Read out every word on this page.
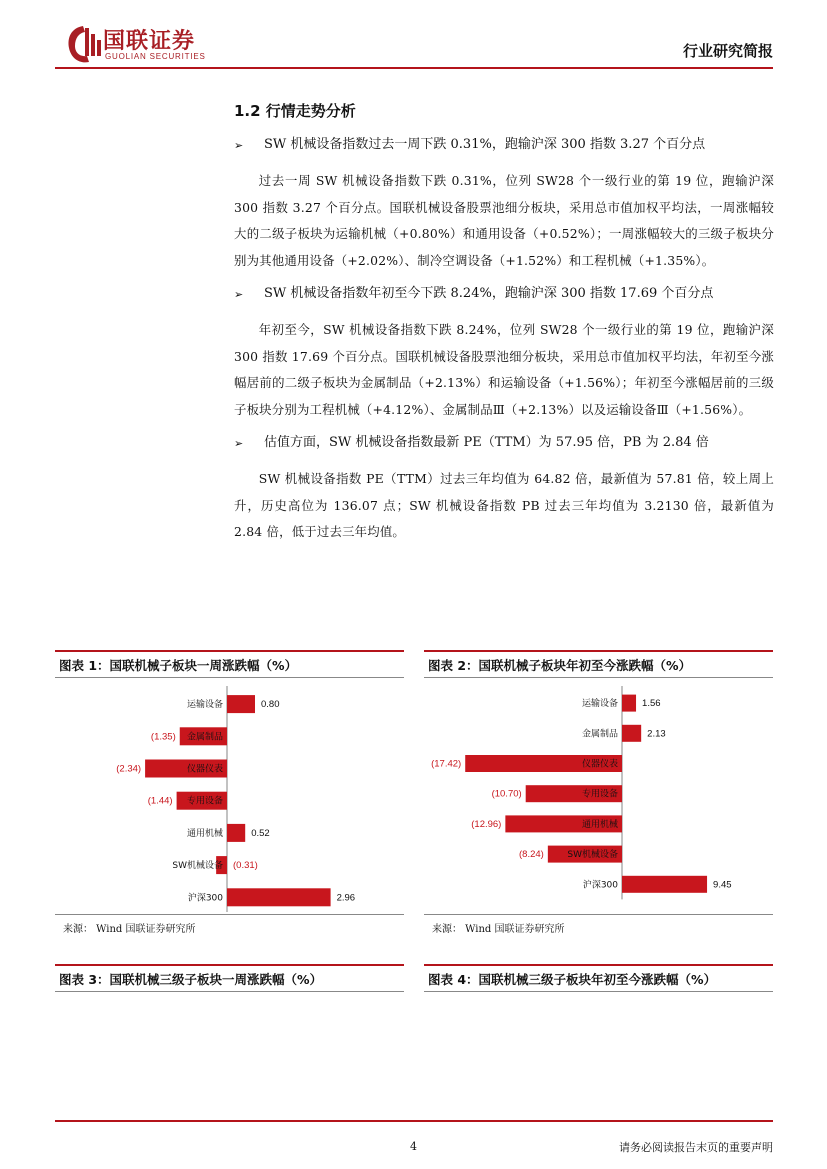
国联证券
GUOLIAN SECURITIES	行业研究简报
1.2 行情走势分析
➢	SW 机械设备指数过去一周下跌 0.31%，跑输沪深 300 指数 3.27 个百分点

过去一周 SW 机械设备指数下跌 0.31%，位列 SW28 个一级行业的第 19 位，跑输沪深 300 指数 3.27 个百分点。国联机械设备股票池细分板块，采用总市值加权平均法，一周涨幅较大的二级子板块为运输机械（+0.80%）和通用设备（+0.52%）；一周涨幅较大的三级子板块分别为其他通用设备（+2.02%）、制冷空调设备（+1.52%）和工程机械（+1.35%）。

➢	SW 机械设备指数年初至今下跌 8.24%，跑输沪深 300 指数 17.69 个百分点

年初至今，SW 机械设备指数下跌 8.24%，位列 SW28 个一级行业的第 19 位，跑输沪深 300 指数 17.69 个百分点。国联机械设备股票池细分板块，采用总市值加权平均法，年初至今涨幅居前的二级子板块为金属制品（+2.13%）和运输设备（+1.56%）；年初至今涨幅居前的三级子板块分别为工程机械（+4.12%）、金属制品Ⅲ（+2.13%）以及运输设备Ⅲ（+1.56%）。

➢	估值方面，SW 机械设备指数最新 PE（TTM）为 57.95 倍，PB 为 2.84 倍

SW 机械设备指数 PE（TTM）过去三年均值为 64.82 倍，最新值为 57.81 倍，较上周上升，历史高位为 136.07 点；SW 机械设备指数 PB 过去三年均值为 3.2130 倍，最新值为 2.84 倍，低于过去三年均值。

图表 1：国联机械子板块一周涨跌幅（%）
运输设备	0.80
金属制品
(1.35)
仪器仪表
(2.34)
专用设备
(1.44)
通用机械	0.52
SW机械设备 (0.31)
沪深300	2.96
来源： Wind 国联证券研究所
图表 2：国联机械子板块年初至今涨跌幅（%）
运输设备	1.56
金属制品	2.13
仪器仪表
(17.42)
专用设备
(10.70)
通用机械
(12.96)
SW机械设备
(8.24)
沪深300	9.45
来源： Wind 国联证券研究所
图表 3：国联机械三级子板块一周涨跌幅（%）	图表 4：国联机械三级子板块年初至今涨跌幅（%）
4	请务必阅读报告末页的重要声明
